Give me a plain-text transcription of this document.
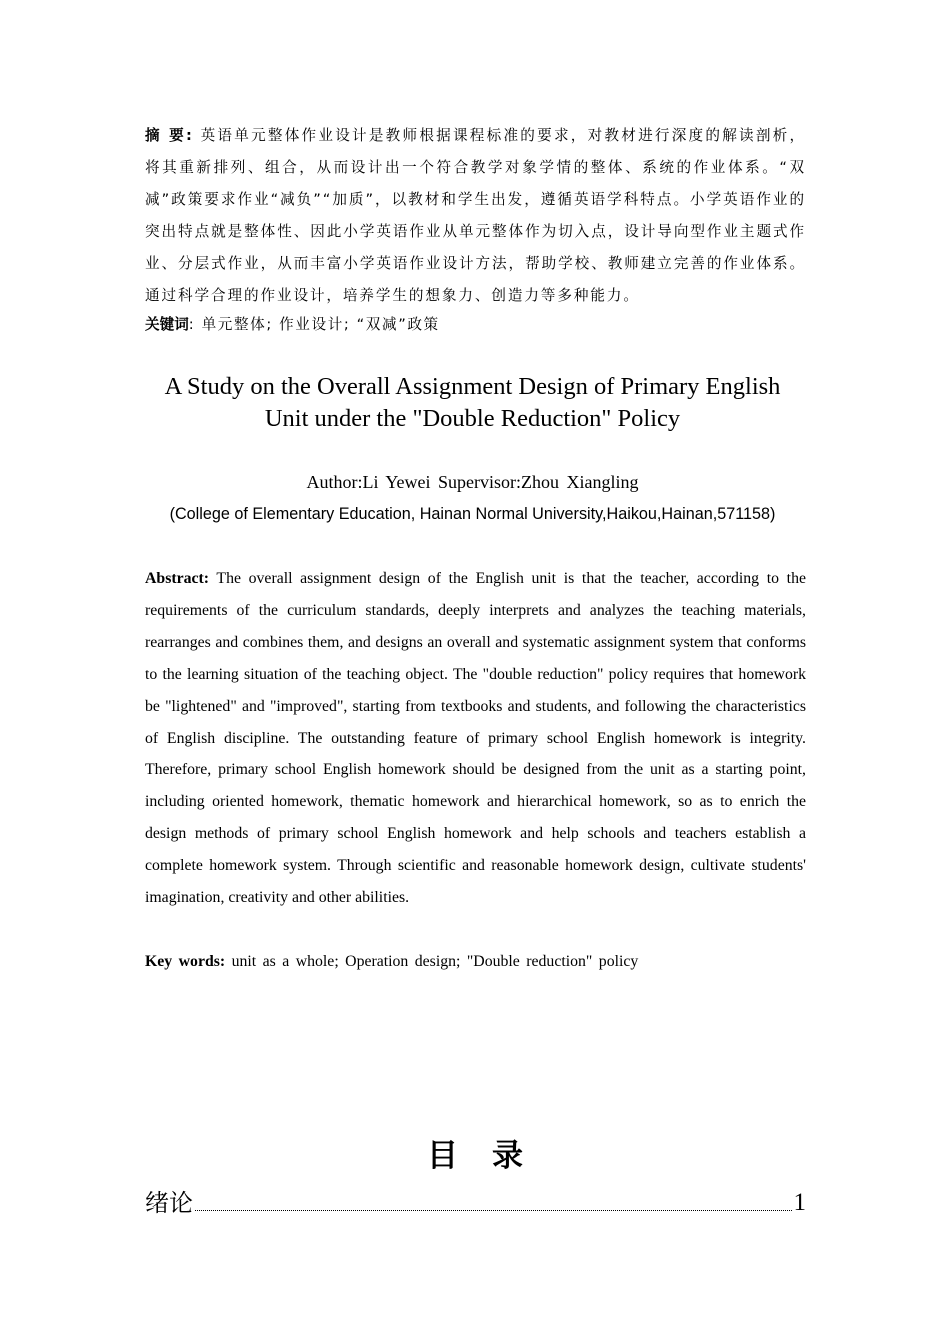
摘 要: 英语单元整体作业设计是教师根据课程标准的要求，对教材进行深度的解读剖析，将其重新排列、组合，从而设计出一个符合教学对象学情的整体、系统的作业体系。“双减”政策要求作业“减负”“加质”，以教材和学生出发，遵循英语学科特点。小学英语作业的突出特点就是整体性、因此小学英语作业从单元整体作为切入点，设计导向型作业主题式作业、分层式作业，从而丰富小学英语作业设计方法，帮助学校、教师建立完善的作业体系。通过科学合理的作业设计，培养学生的想象力、创造力等多种能力。
关键词: 单元整体; 作业设计; “双减”政策
A Study on the Overall Assignment Design of Primary English
Unit under the "Double Reduction" Policy
Author:Li Yewei Supervisor:Zhou Xiangling
(College of Elementary Education, Hainan Normal University,Haikou,Hainan,571158)
Abstract: The overall assignment design of the English unit is that the teacher, according to the requirements of the curriculum standards, deeply interprets and analyzes the teaching materials, rearranges and combines them, and designs an overall and systematic assignment system that conforms to the learning situation of the teaching object. The "double reduction" policy requires that homework be "lightened" and "improved", starting from textbooks and students, and following the characteristics of English discipline. The outstanding feature of primary school English homework is integrity. Therefore, primary school English homework should be designed from the unit as a starting point, including oriented homework, thematic homework and hierarchical homework, so as to enrich the design methods of primary school English homework and help schools and teachers establish a complete homework system. Through scientific and reasonable homework design, cultivate students' imagination, creativity and other abilities.
Key words: unit as a whole; Operation design; "Double reduction" policy
目 录
绪论	1
